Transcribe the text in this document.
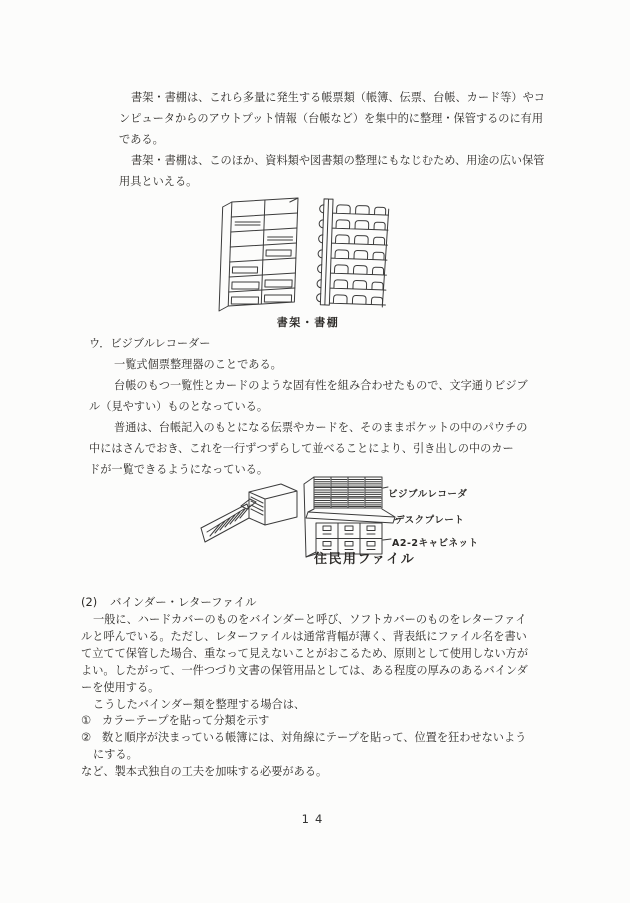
書架・書棚は、これら多量に発生する帳票類（帳簿、伝票、台帳、カード等）やコ
ンピュータからのアウトプット情報（台帳など）を集中的に整理・保管するのに有用
である。
書架・書棚は、このほか、資料類や図書類の整理にもなじむため、用途の広い保管
用具といえる。
書架・書棚
ウ．ビジブルレコーダー
一覧式個票整理器のことである。
台帳のもつ一覧性とカードのような固有性を組み合わせたもので、文字通りビジブ
ル（見やすい）ものとなっている。
普通は、台帳記入のもとになる伝票やカードを、そのままポケットの中のパウチの
中にはさんでおき、これを一行ずつずらして並べることにより、引き出しの中のカー
ドが一覧できるようになっている。
ビジブルレコーダ
デスクプレート
A2-2キャビネット
住民用ファイル
(2) バインダー・レターファイル
一般に、ハードカバーのものをバインダーと呼び、ソフトカバーのものをレターファイ
ルと呼んでいる。ただし、レターファイルは通常背幅が薄く、背表紙にファイル名を書い
て立てて保管した場合、重なって見えないことがおこるため、原則として使用しない方が
よい。したがって、一件つづり文書の保管用品としては、ある程度の厚みのあるバインダ
ーを使用する。
こうしたバインダー類を整理する場合は、
① カラーテープを貼って分類を示す
② 数と順序が決まっている帳簿には、対角線にテープを貼って、位置を狂わせないよう
にする。
など、製本式独自の工夫を加味する必要がある。
14
